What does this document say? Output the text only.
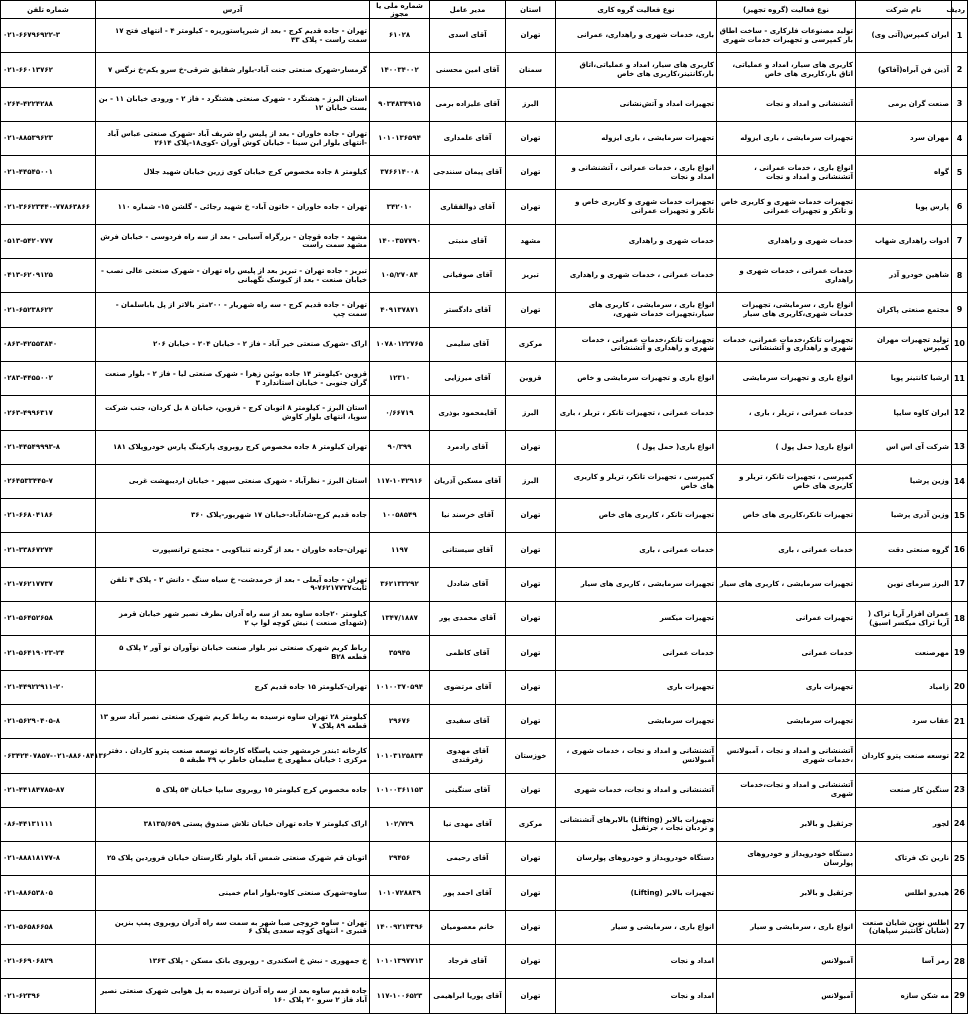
ردیف	نام شرکت	نوع فعالیت (گروه تجهیز)	نوع فعالیت گروه کاری	استان	مدیر عامل	شماره ملی یا مجوز	آدرس	شماره تلفن
1	ایران کمپرس(آتی وی)	تولید مصنوعات فلزکاری - ساخت اطاق بار کمپرسی و تجهیزات خدمات شهری	باری، خدمات شهری و راهداری، عمرانی	تهران	آقای اسدی	۶۱۰۲۸	تهران - جاده قدیم کرج - بعد از شیرپاستوریزه - کیلومتر ۴ - انتهای فتح ۱۷ سمت راست - پلاک ۴۳	۰۲۱-۶۶۷۹۶۹۲۲-۳
2	آذین فن آبراه(آفاکو)	کاربری های سیار، امداد و عملیاتی، اتاق بار،کاربری های خاص	کاربری های سیار، امداد و عملیاتی،اتاق بار،کانتینر،کاربری های خاص	سمنان	آقای امین محسنی	۱۴۰۰۳۴۰۰۲	گرمسار-شهرک صنعتی جنت آباد-بلوار شقایق شرقی-خ سرو یکم-خ نرگس ۷	۰۲۱-۶۶۰۱۳۷۶۲
3	صنعت گران برمی	آتشنشانی و امداد و نجات	تجهیزات امداد و آتش‌نشانی	البرز	آقای علیزاده برمی	۹۰۳۴۸۳۴۹۱۵	استان البرز - هشتگرد - شهرک صنعتی هشتگرد - فاز ۲ - ورودی خیابان ۱۱ - بن بست خیابان ۱۲	۰۲۶۴-۴۲۲۴۲۸۸
4	مهران سرد	تجهیزات سرمایشی ، باری ایزوله	تجهیزات سرمایشی ، باری ایزوله	تهران	آقای علمداری	۱۰۱۰۱۳۶۵۹۴	تهران - جاده خاوران - بعد از پلیس راه شریف آباد -شهرک صنعتی عباس آباد -انتهای بلوار ابن سینا - خیابان کوش آوران -کوی۱۸-پلاک ۲۶۱۴	۰۲۱-۸۸۵۳۹۶۲۳
5	گواه	انواع باری ، خدمات عمرانی ، آتشنشانی و امداد و نجات	انواع باری ، خدمات عمرانی ، آتشنشانی و امداد و نجات	تهران	آقای پیمان سنندجی	۳۷۶۶۱۴۰۰۸	کیلومتر ۸ جاده مخصوص کرج خیابان کوی زرین خیابان شهید جلال	۰۲۱-۴۴۵۴۵۰۰۱
6	پارس پویا	تجهیزات خدمات شهری و کاربری خاص و تانکر و تجهیزات عمرانی	تجهیزات خدمات شهری و کاربری خاص و تانکر و تجهیزات عمرانی	تهران	آقای ذوالفقاری	۳۴۲۰۱۰	تهران - جاده خاوران - خاتون آباد- خ شهید رجائی - گلشن ۱۵- شماره ۱۱۰	۰۲۱-۳۶۶۲۳۴۴۰-۷۷۸۶۳۸۶۶
7	ادوات راهداری شهاب	خدمات شهری و راهداری	خدمات شهری و راهداری	مشهد	آقای منبتی	۱۴۰۰۳۵۷۷۹۰	مشهد - جاده قوچان - بزرگراه آسیایی - بعد از سه راه فردوسی - خیابان فرش مشهد سمت راست	۰۵۱۳-۵۴۲۰۷۷۷
8	شاهین خودرو آذر	خدمات عمرانی ، خدمات شهری و راهداری	خدمات عمرانی ، خدمات شهری و راهداری	تبریز	آقای صوفیانی	۱۰۵/۲۷۰۸۴	تبریز - جاده تهران - تبریز بعد از پلیس راه تهران - شهرک صنعتی عالی نصب - خیابان صنعت - بعد از کیوسک نگهبانی	۰۴۱۳-۶۲۰۹۱۲۵
9	مجتمع صنعتی پاکران	انواع باری ، سرمایشی، تجهیزات خدمات شهری،کاربری های سیار	انواع باری ، سرمایشی ، کاربری های سیار،تجهیزات خدمات شهری،	تهران	آقای دادگستر	۴۰۹۱۳۷۸۷۱	تهران - جاده قدیم کرج - سه راه شهریار - ۲۰۰متر بالاتر از پل باباسلمان - سمت چپ	۰۲۱-۶۵۲۳۸۶۲۲
10	تولید تجهیزات مهران کمپرس	تجهیزات تانکر،خدمات عمرانی، خدمات شهری و راهداری و آتشنشانی	تجهیزات تانکر،خدمات عمرانی ، خدمات شهری و راهداری و آتشنشانی	مرکزی	آقای سلیمی	۱۰۷۸۰۱۲۲۷۶۵	اراک -شهرک صنعتی خیر آباد - فاز ۲ - خیابان ۲۰۴ - خیابان ۲۰۶	۰۸۶۳-۴۲۵۵۳۸۴۰
11	ارشیا کانتینر پویا	انواع باری و تجهیزات سرمایشی	انواع باری و تجهیزات سرمایشی و خاص	قزوین	آقای میرزایی	۱۲۳۱۰	قزوین -کیلومتر ۱۴ جاده بوئین زهرا - شهرک صنعتی لیا - فاز ۲ - بلوار صنعت گران جنوبی - خیابان استاندارد ۳	۰۲۸۳-۴۴۵۵۰۰۲
12	ایران کاوه سایپا	خدمات عمرانی ، تریلر ، باری ،	خدمات عمرانی ، تجهیزات تانکر ، تریلر ، باری	البرز	آقایمحمود بوذری	۰/۶۶۷۱۹	استان البرز - کیلومتر ۸ اتوبان کرج - قزوین، خیابان ۸ بل کردان، جنب شرکت سوپا، انتهای بلوار کاوش	۰۲۶۳-۴۹۹۶۳۱۷
13	شرکت آی اس اس	انواع باری( حمل پول )	انواع باری( حمل پول )	تهران	آقای رادمرد	۹۰/۳۹۹	تهران کیلومتر ۸ جاده مخصوص کرج روبروی پارکینگ پارس خودروپلاک ۱۸۱	۰۲۱-۴۴۵۴۹۹۹۳-۸
14	وزین پرشیا	کمپرسی ، تجهیزات تانکر، تریلر و کاربری های خاص	کمپرسی ، تجهیزات تانکر، تریلر و کاربری های خاص	البرز	آقای مسکین آذریان	۱۱۷-۱۰۴۲۹۱۶	استان البرز - نظرآباد - شهرک صنعتی سپهر - خیابان اردیبهشت غربی	۰۲۶۴۵۳۳۴۴۵-۷
15	وزین آذری پرشیا	تجهیزات تانکر،کاربری های خاص	تجهیزات تانکر ، کاربری های خاص	تهران	آقای خرسند نیا	۱۰۰۵۸۵۴۹	جاده قدیم کرج-شادآباد-خیابان ۱۷ شهریور-پلاک ۳۶۰	۰۲۱-۶۶۸۰۴۱۸۶
16	گروه صنعتی دقت	خدمات عمرانی ، باری	خدمات عمرانی ، باری	تهران	آقای سیستانی	۱۱۹۷	تهران-جاده خاوران - بعد از گردنه تنباکویی - مجتمع ترانسپورت	۰۲۱-۳۳۸۶۷۲۷۴
17	البرز سرمای نوین	تجهیزات سرمایشی ، کاربری های سیار	تجهیزات سرمایشی ، کاربری های سیار	تهران	آقای شاددل	۳۶۲۱۳۳۲۹۲	تهران - جاده آبعلی - بعد از خرمدشت- خ سیاه سنگ - دانش ۲ - پلاک ۴ تلفن ثابت۷۶۲۱۷۷۳۷-۹	۰۲۱-۷۶۲۱۷۷۳۷
18	عمران افزار آریا تراک ( آریا تراک میکسر اسیق)	تجهیزات عمرانی	تجهیزات میکسر	تهران	آقای محمدی پور	۱۳۴۷/۱۸۸۷	کیلومتر ۲۰جاده ساوه بعد از سه راه آدران بطرف نصیر شهر خیابان قرمز (شهدای صنعت ) نبش کوچه لوا پ ۲	۰۲۱-۵۶۴۵۲۶۵۸
19	مهرصنعت	خدمات عمرانی	خدمات عمرانی	تهران	آقای کاظمی	۳۵۹۴۵	رباط کریم شهرک صنعتی نیر بلوار صنعت خیابان نوآوران نو آور ۲ پلاک ۵ قطعه B۲۸	۰۲۱-۵۶۴۱۹۰۲۳-۲۴
20	زامیاد	تجهیزات باری	تجهیزات باری	تهران	آقای مرتضوی	۱۰۱۰۰۳۷۰۵۹۴	تهران-کیلومتر ۱۵ جاده قدیم کرج	۰۲۱-۴۴۹۲۲۹۱۱-۲۰
21	عقاب سرد	تجهیزات سرمایشی	تجهیزات سرمایشی	تهران	آقای سفیدی	۲۹۶۷۶	کیلومتر ۲۸ تهران ساوه نرسیده به رباط کریم شهرک صنعتی نصیر آباد سرو ۱۳ قطعه ۸۹ پلاک ۷	۰۲۱-۵۶۲۹۰۴۰۵-۸
22	توسعه صنعت پترو کاردان	آتشنشانی و امداد و نجات ، آمبولانس ،خدمات شهری	آتشنشانی و امداد و نجات ، خدمات شهری ، آمبولانس	خوزستان	آقای مهدوی زفرقندی	۱۰۱۰۳۱۲۵۸۳۴	کارخانه :بندر خرمشهر جنب پاسگاه کارخانه توسعه صنعت پترو کاردان . دفتر مرکزی : خیابان مطهری خ سلیمان خاطر پ ۴۹ طبقه ۵	۰۶۳۴۲۴۰۷۸۵۷-۰۲۱-۸۸۶۰۸۴۱۳۶
23	سنگین کار صنعت	آتشنشانی و امداد و نجات،خدمات شهری	آتشنشانی و امداد و نجات، خدمات شهری	تهران	آقای سنگینی	۱۰۱۰۰۳۶۱۱۵۳	جاده مخصوص کرج کیلومتر ۱۵ روبروی سایپا خیابان ۵۴ پلاک ۵	۰۲۱-۴۴۱۸۴۷۸۵-۸۷
24	لجور	جرثقیل و بالابر	تجهیزات بالابر (Lifting) بالابرهای آتشنشانی و نردبان نجات ، جرثقیل	مرکزی	آقای مهدی نیا	۱۰۲/۷۲۹	اراک کیلومتر ۷ جاده تهران خیابان تلاش صندوق پستی ۳۸۱۳۵/۶۵۹	۰۸۶-۴۴۱۳۱۱۱۱
25	نارین تک فرتاک	دستگاه خودرویداز و خودروهای پولرسان	دستگاه خودرویداز و خودروهای پولرسان	تهران	آقای رحیمی	۲۹۴۵۶	اتوبان قم شهرک صنعتی شمس آباد بلوار نگارستان خیابان فروردین پلاک ۲۵	۰۲۱-۸۸۸۱۸۱۷۷-۸
26	هیدرو اطلس	جرثقیل و بالابر	تجهیزات بالابر (Lifting)	تهران	آقای احمد پور	۱۰۱۰۷۲۸۸۳۹	ساوه-شهرک صنعتی کاوه-بلوار امام خمینی	۰۲۱-۸۸۶۵۳۸۰۵
27	اطلس نوین شایان صنعت (شایان کانتینر سپاهان)	انواع باری ، سرمایشی و سیار	انواع باری ، سرمایشی و سیار	تهران	خانم معصومیان	۱۴۰۰۹۲۱۴۳۹۶	تهران - ساوه خروجی صبا شهر به سمت سه راه آدران روبروی پمپ بنزین قنبری - انتهای کوچه سعدی پلاک ۶	۰۲۱-۵۶۵۸۶۶۵۸
28	رمز آسا	آمبولانس	امداد و نجات	تهران	آقای فرجاد	۱۰۱۰۱۳۹۷۷۱۳	خ جمهوری - نبش خ اسکندری - روبروی بانک مسکن - پلاک ۱۳۶۳	۰۲۱-۶۶۹۰۶۸۲۹
29	مه شکن سازه	آمبولانس	امداد و نجات	تهران	آقای پوریا ابراهیمی	۱۱۷-۱۰۰۶۵۲۳	جاده قدیم ساوه بعد از سه راه آدران نرسیده به پل هوایی شهرک صنعتی نصیر آباد فاز ۲ سرو ۲۰ پلاک ۱۶۰	۰۲۱-۶۲۳۹۶
